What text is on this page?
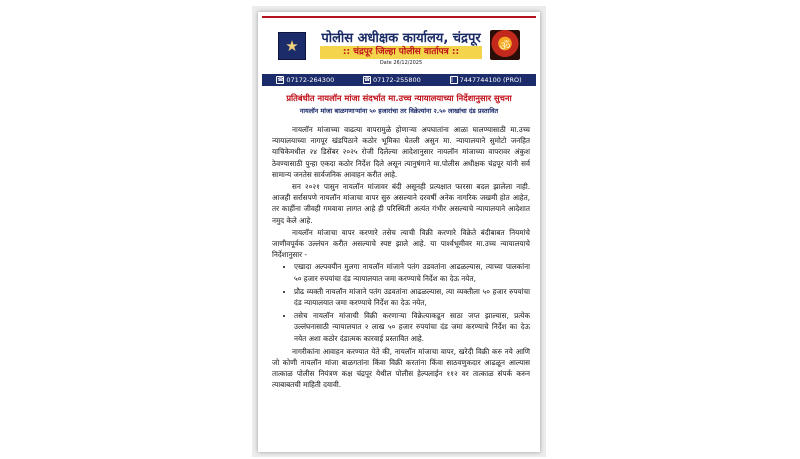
★	पोलीस अधीक्षक कार्यालय, चंद्रपूर
:: चंद्रपूर जिल्हा पोलीस वार्तापत्र ::
Date 26/12/2025
ॐ
☎ 07172-264300	☎ 07172-255800	▯ 7447744100 (PRO)
प्रतिबंधीत नायलॉन मांजा संदर्भात मा.उच्च न्यायालयाच्या निर्देशानुसार सुचना
नायलॉन मांजा बाळगणाऱ्यांना ५० हजारांचा तर विक्रेत्यांना २.५० लाखांचा दंड प्रस्तावित

नायलॉन मांजाच्या वाढत्या वापरामुळे होणाऱ्या अपघातांना आळा घालण्यासाठी मा.उच्च न्यायालयाच्या नागपूर खंडपिठाने कठोर भूमिका घेतली असुन मा. न्यायालयाने सुमोटो जनहित याचिकेमधील २४ डिसेंबर २०२५ रोजी दिलेल्या आदेशानुसार नायलॉन मांजाच्या वापरावर अंकुश ठेवण्यासाठी पुन्हा एकदा कठोर निर्देश दिले असून त्यानुषंगाने मा.पोलीस अधीक्षक चंद्रपूर यांनी सर्व सामान्य जनतेस सार्वजनिक आवाहन करीत आहे.

सन २०२१ पासुन नायलॉन मांजावर बंदी असूनही प्रत्यक्षात फारसा बदल झालेला नाही. आजही सर्रासपणे नायलॉन मांजाचा वापर सुरु असल्याने दरवर्षी अनेक नागरिक जखमी होत आहेत, तर काहींना जीवही गमवावा लागत आहे ही परिस्थिती अत्यंत गंभीर असल्याचे न्यायालयाने आदेशात नमुद केले आहे.

नायलॉन मांजाचा वापर करणारे तसेच त्याची विक्री करणारे विक्रेते बंदीबाबत नियमांचे जाणीवपूर्वक उल्लंघन करीत असल्याचे स्पष्ट झाले आहे. या पार्श्वभूमीवर मा.उच्च न्यायालयाचे निर्देशानुसार -

• एखादा अल्पवयीन मुलगा नायलॉन मांजाने पतंग उडवतांना आढळल्यास, त्याच्या पालकांना ५० हजार रुपयांचा दंड न्यायालयात जमा करण्याचे निर्देश का देऊ नयेत,
• प्रौढ व्यक्ती नायलॉन मांजाने पतंग उडवतांना आढळल्यास, त्या व्यक्तीला ५० हजार रुपयांचा दंड न्यायालयात जमा करण्याचे निर्देश का देऊ नयेत,
• तसेच नायलॉन मांजाची विक्री करणाऱ्या विक्रेत्याकडून साठा जप्त झाल्यास, प्रत्येक उल्लंघनासाठी न्यायालयात २ लाख ५० हजार रुपयांचा दंड जमा करण्याचे निर्देश का देऊ नयेत अशा कठोर दंडात्मक कारवाई प्रस्तावित आहे.

नागरीकांना आवाहन करण्यात येते की, नायलॉन मांजाचा वापर, खरेदी विक्री करु नये आणि जो कोणी नायलॉन मांजा बाळगतांना किंवा विक्री करतांना किंवा साठवणुकदार आढळून आल्यास तात्काळ पोलीस नियंत्रण कक्ष चंद्रपूर येथील पोलीस हेल्पलाईन ११२ वर तात्काळ संपर्क करुन त्याबाबतची माहिती दयावी.
